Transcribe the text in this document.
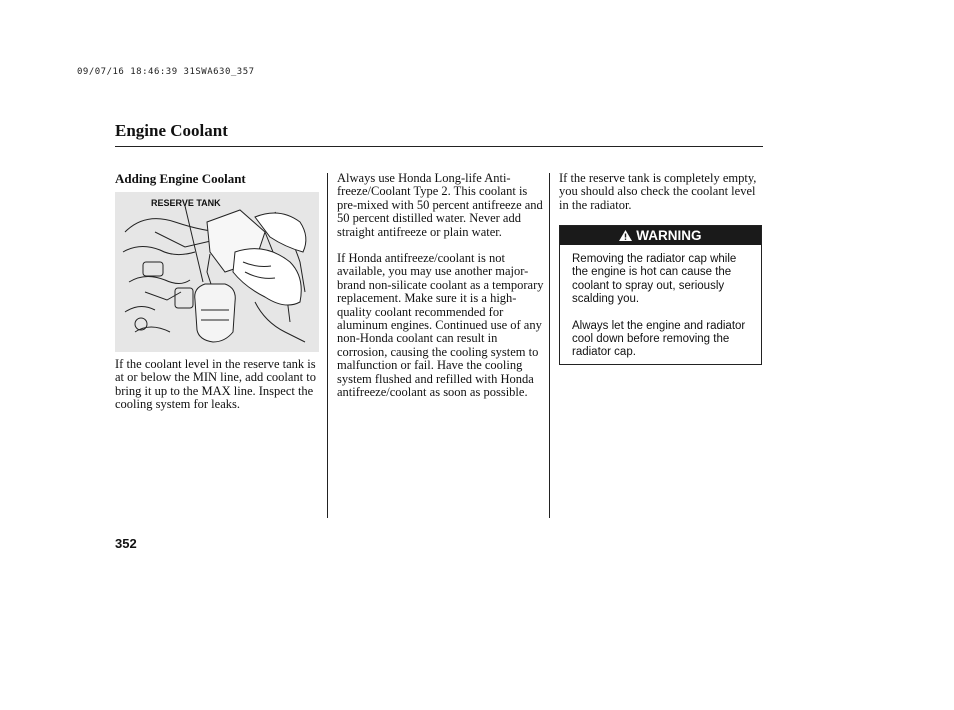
09/07/16 18:46:39 31SWA630_357
Engine Coolant

Adding Engine Coolant

RESERVE TANK

If the coolant level in the reserve tank is at or below the MIN line, add coolant to bring it up to the MAX line. Inspect the cooling system for leaks.

Always use Honda Long-life Anti-freeze/Coolant Type 2. This coolant is pre-mixed with 50 percent antifreeze and 50 percent distilled water. Never add straight antifreeze or plain water.

If Honda antifreeze/coolant is not available, you may use another major-brand non-silicate coolant as a temporary replacement. Make sure it is a high-quality coolant recommended for aluminum engines. Continued use of any non-Honda coolant can result in corrosion, causing the cooling system to malfunction or fail. Have the cooling system flushed and refilled with Honda antifreeze/coolant as soon as possible.

If the reserve tank is completely empty, you should also check the coolant level in the radiator.

WARNING

Removing the radiator cap while the engine is hot can cause the coolant to spray out, seriously scalding you.

Always let the engine and radiator cool down before removing the radiator cap.

352
